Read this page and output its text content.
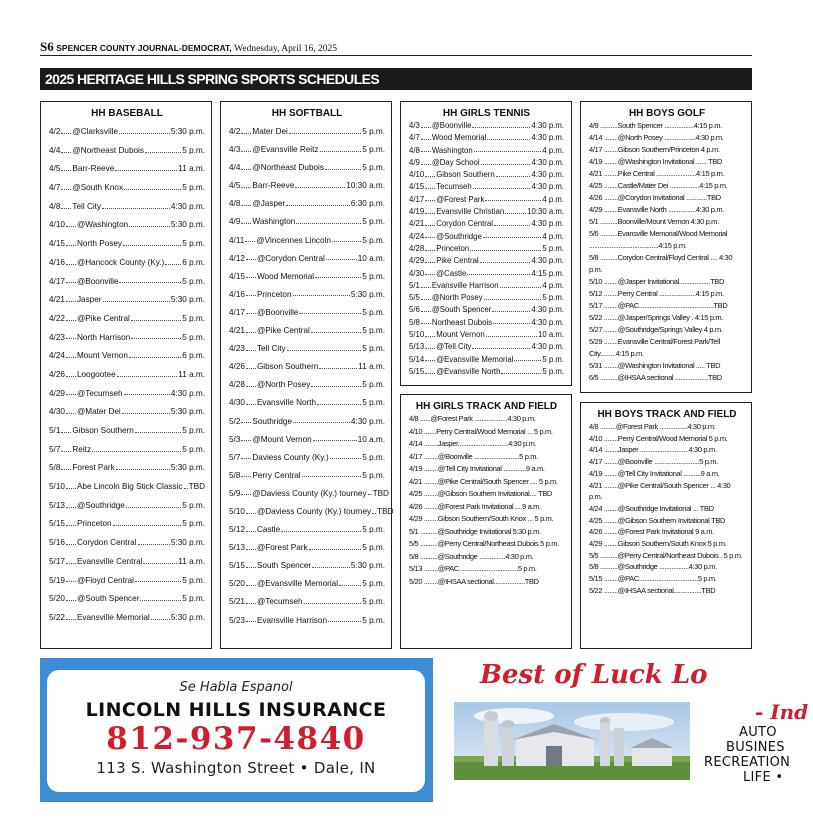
S6 SPENCER COUNTY JOURNAL-DEMOCRAT, Wednesday, April 16, 2025
2025 HERITAGE HILLS SPRING SPORTS SCHEDULES
HH BASEBALL
4/2 @Clarksville	5:30 p.m.
4/4 @Northeast Dubois	5 p.m.
4/5 Barr-Reeve	11 a.m.
4/7 @South Knox	5 p.m.
4/8 Tell City	4:30 p.m.
4/10 @Washington	5:30 p.m.
4/15 North Posey	5 p.m.
4/16 @Hancock County (Ky.) 6 p.m.
4/17 @Boonville	5 p.m.
4/21 Jasper	5:30 p.m.
4/22 @Pike Central	5 p.m.
4/23 North Harrison	5 p.m.
4/24 Mount Vernon	6 p.m.
4/26 Loogootee	11 a.m.
4/29 @Tecumseh	4:30 p.m.
4/30 @Mater Dei	5:30 p.m.
5/1 Gibson Southern	5 p.m.
5/7 Reitz	5 p.m.
5/8 Forest Park	5:30 p.m.
5/10 Abe Lincoln Big Stick Classic TBD
5/13 @Southridge	5 p.m.
5/15 Princeton	5 p.m.
5/16 Corydon Central	5:30 p.m.
5/17 Evansville Central	11 a.m.
5/19 @Floyd Central	5 p.m.
5/20 @South Spencer	5 p.m.
5/22 Evansville Memorial	5:30 p.m.
HH SOFTBALL
4/2 Mater Dei	5 p.m.
4/3 @Evansville Reitz	5 p.m.
4/4 @Northeast Dubois	5 p.m.
4/5 Barr-Reeve	10:30 a.m.
4/8 @Jasper	6:30 p.m.
4/9 Washington	5 p.m.
4/11 @Vincennes Lincoln	5 p.m.
4/12 @Corydon Central	10 a.m.
4/15 Wood Memorial	5 p.m.
4/16 Princeton	5:30 p.m.
4/17 @Boonville	5 p.m.
4/21 @Pike Central	5 p.m.
4/23 Tell City	5 p.m.
4/26 Gibson Southern	11 a.m.
4/28 @North Posey	5 p.m.
4/30 Evansville North	5 p.m.
5/2 Southridge	4:30 p.m.
5/3 @Mount Vernon	10 a.m.
5/7 Daviess County (Ky.)	5 p.m.
5/8 Perry Central	5 p.m.
5/9 @Daviess County (Ky.) tourney TBD
5/10 @Daviess County (Ky.) tourney TBD
5/12 Castle	5 p.m.
5/13 @Forest Park	5 p.m.
5/15 South Spencer	5:30 p.m.
5/20 @Evansville Memorial	5 p.m.
5/21 @Tecumseh	5 p.m.
5/23 Evansville Harrison	5 p.m.
HH GIRLS TENNIS
4/3 @Boonville	4:30 p.m.
4/7 Wood Memorial	4:30 p.m.
4/8 Washington	4 p.m.
4/9 @Day School	4:30 p.m.
4/10 Gibson Southern	4:30 p.m.
4/15 Tecumseh	4:30 p.m.
4/17 @Forest Park	4 p.m.
4/19 Evansville Christian	10:30 a.m.
4/21 Corydon Central	4:30 p.m.
4/24 @Southridge	4 p.m.
4/28 Princeton	5 p.m.
4/29 Pike Central	4:30 p.m.
4/30 @Castle	4:15 p.m.
5/1 Evansville Harrison	4 p.m.
5/5 @North Posey	5 p.m.
5/6 @South Spencer	4:30 p.m.
5/8 Northeast Dubois	4:30 p.m.
5/10 Mount Vernon	10 a.m.
5/13 @Tell City	4:30 p.m.
5/14 @Evansville Memorial	5 p.m.
5/15 @Evansville North	5 p.m.
HH GIRLS TRACK AND FIELD
4/8 ......@Forest Park ...................4:30 p.m.
4/10 .......Perry Central/Wood Memorial ... 5 p.m.
4/14 ........Jasper.............................4:30 p.m.
4/17 ........@Boonville ..........................5 p.m.
4/19 ........@Tell City Invitational .............9 a.m.
4/21 ........@Pike Central/South Spencer .... 5 p.m.
4/25 ........@Gibson Southern Invitational.... TBD
4/26 ........@Forest Park Invitational ....9 a.m.
4/29 ........Gibson Southern/South Knox ... 5 p.m.
5/1 ..........@Southridge Invitational 5:30 p.m.
5/5 ..........@Perry Central/Northeast Dubois 5 p.m.
5/8 ..........@Southridge ...............4:30 p.m.
5/13 ........@PAC..................................5 p.m.
5/20 ........@IHSAA sectional..................TBD
HH BOYS GOLF
4/9 ..........South Spencer .................4:15 p.m.
4/14 ........@North Posey ..................4:30 p.m.
4/17 ........Gibson Southern/Princeton 4 p.m.
4/19 ........@Washington Invitational ...... TBD
4/21 ........Pike Central .......................4:15 p.m.
4/25 ........Castle/Mater Dei .................4:15 p.m.
4/26 ........@Corydon Invitational ............TBD
4/29 ........Evansville North ................4:30 p.m.
5/1 ..........Boonville/Mount Vernon 4:30 p.m.
5/6 ..........Evansville Memorial/Wood Memorial ........................................4:15 p.m.
5/8 ..........Corydon Central/Floyd Central .... 4:30 p.m.
5/10 ........@Jasper Invitational..................TBD
5/12 ........Perry Central .....................4:15 p.m.
5/17 ........@PAC...........................................TBD
5/22 ........@Jasper/Springs Valley . 4:15 p.m.
5/27 ........@Southridge/Springs Valley 4 p.m.
5/29 ........Evansville Central/Forest Park/Tell City.........4:15 p.m.
5/31 ........@Washington Invitational ..... TBD
6/5 ..........@IHSAA sectional ...................TBD
HH BOYS TRACK AND FIELD
4/8 .........@Forest Park ................4:30 p.m.
4/10 ........Perry Central/Wood Memorial 5 p.m.
4/14 ........Jasper ............................4:30 p.m.
4/17 ........@Boonville ..........................5 p.m.
4/19 ........@Tell City Invitational ..........9 a.m.
4/21 ........@Pike Central/South Spencer ... 4:30 p.m.
4/24 ........@Southridge Invitational ... TBD
4/25 ........@Gibson Southern Invitational TBD
4/26 ........@Forest Park Invitational 9 a.m.
4/29 ........Gibson Southern/South Knox 5 p.m.
5/5 ..........@Perry Central/Northeast Dubois . 5 p.m.
5/8 ..........@Southridge .................4:30 p.m.
5/15 ........@PAC..................................5 p.m.
5/22 ........@IHSAA sectional................TBD
Se Habla Espanol
LINCOLN HILLS INSURANCE
812-937-4840
113 S. Washington Street • Dale, IN
Best of Luck Lo
- Ind
AUTO
BUSINES
RECREATION
LIFE •
